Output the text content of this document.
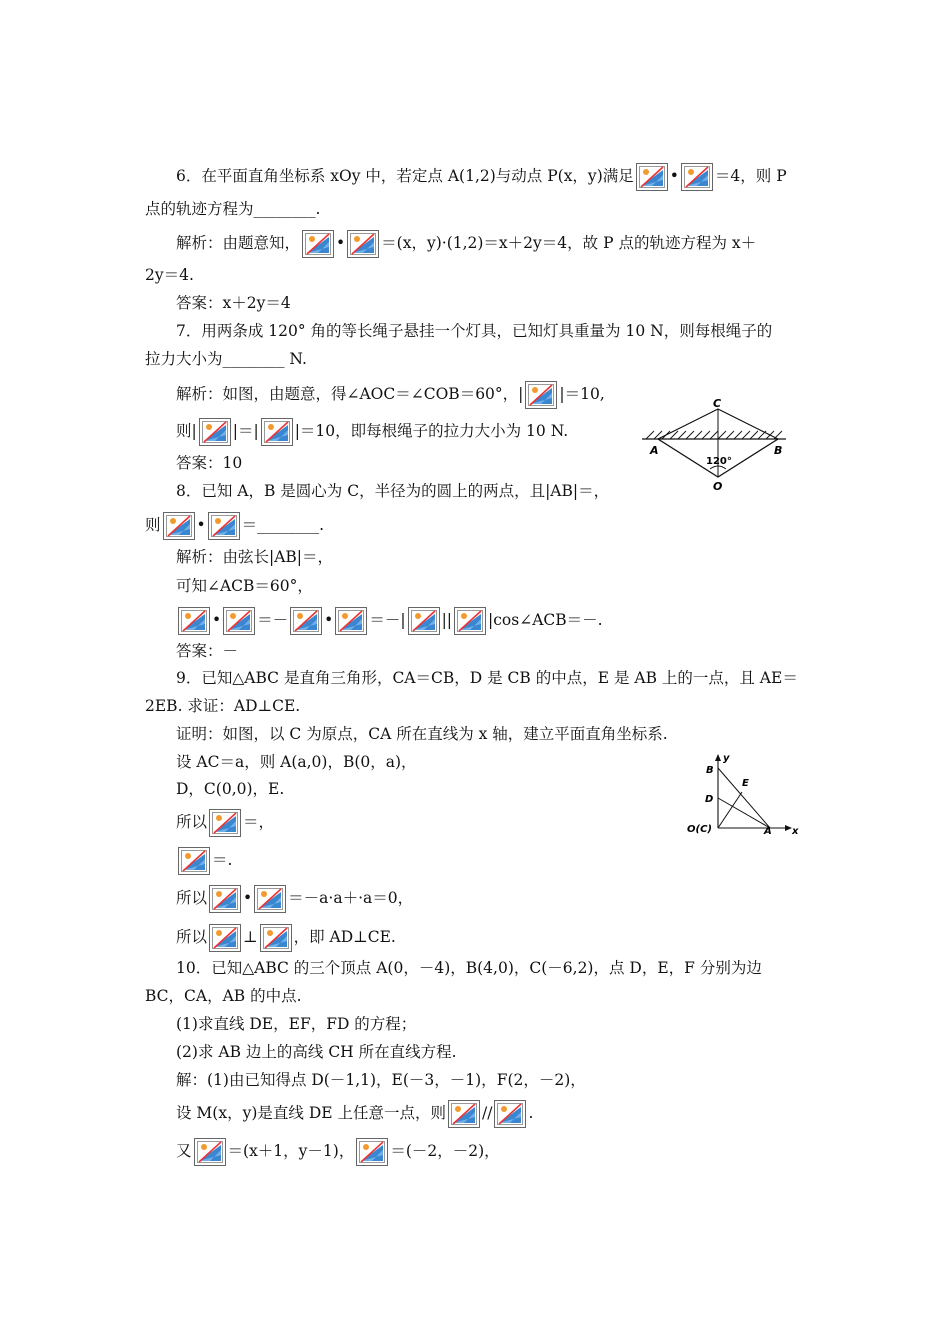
6．在平面直角坐标系 xOy 中，若定点 A(1,2)与动点 P(x，y)满足 • ＝4，则 P
点的轨迹方程为________.
解析：由题意知， • ＝(x，y)·(1,2)＝x＋2y＝4，故 P 点的轨迹方程为 x＋
2y＝4.
答案：x＋2y＝4
7．用两条成 120° 角的等长绳子悬挂一个灯具，已知灯具重量为 10 N，则每根绳子的
拉力大小为________ N.
解析：如图，由题意，得∠AOC＝∠COB＝60°，| |＝10,
则| |＝| |＝10，即每根绳子的拉力大小为 10 N.
答案：10
C
A	B
O
120°
8．已知 A，B 是圆心为 C，半径为的圆上的两点，且|AB|＝，
则 • ＝________.
解析：由弦长|AB|＝，
可知∠ACB＝60°，
• ＝－ • ＝－| || |cos∠ACB＝－.
答案：－
9．已知△ABC 是直角三角形，CA＝CB，D 是 CB 的中点，E 是 AB 上的一点，且 AE＝
2EB. 求证：AD⊥CE.
证明：如图，以 C 为原点，CA 所在直线为 x 轴，建立平面直角坐标系.
设 AC＝a，则 A(a,0)，B(0，a)，
D，C(0,0)，E.
所以 ＝，
＝.
所以 • ＝－a·a＋·a＝0，
所以 ⊥ ，即 AD⊥CE.
y
B
E
D
O(C)	A x
10．已知△ABC 的三个顶点 A(0，－4)，B(4,0)，C(－6,2)，点 D，E，F 分别为边
BC，CA，AB 的中点.
(1)求直线 DE，EF，FD 的方程；
(2)求 AB 边上的高线 CH 所在直线方程.
解：(1)由已知得点 D(－1,1)，E(－3，－1)，F(2，－2)，
设 M(x，y)是直线 DE 上任意一点，则 // .
又 ＝(x＋1，y－1)， ＝(－2，－2)，
